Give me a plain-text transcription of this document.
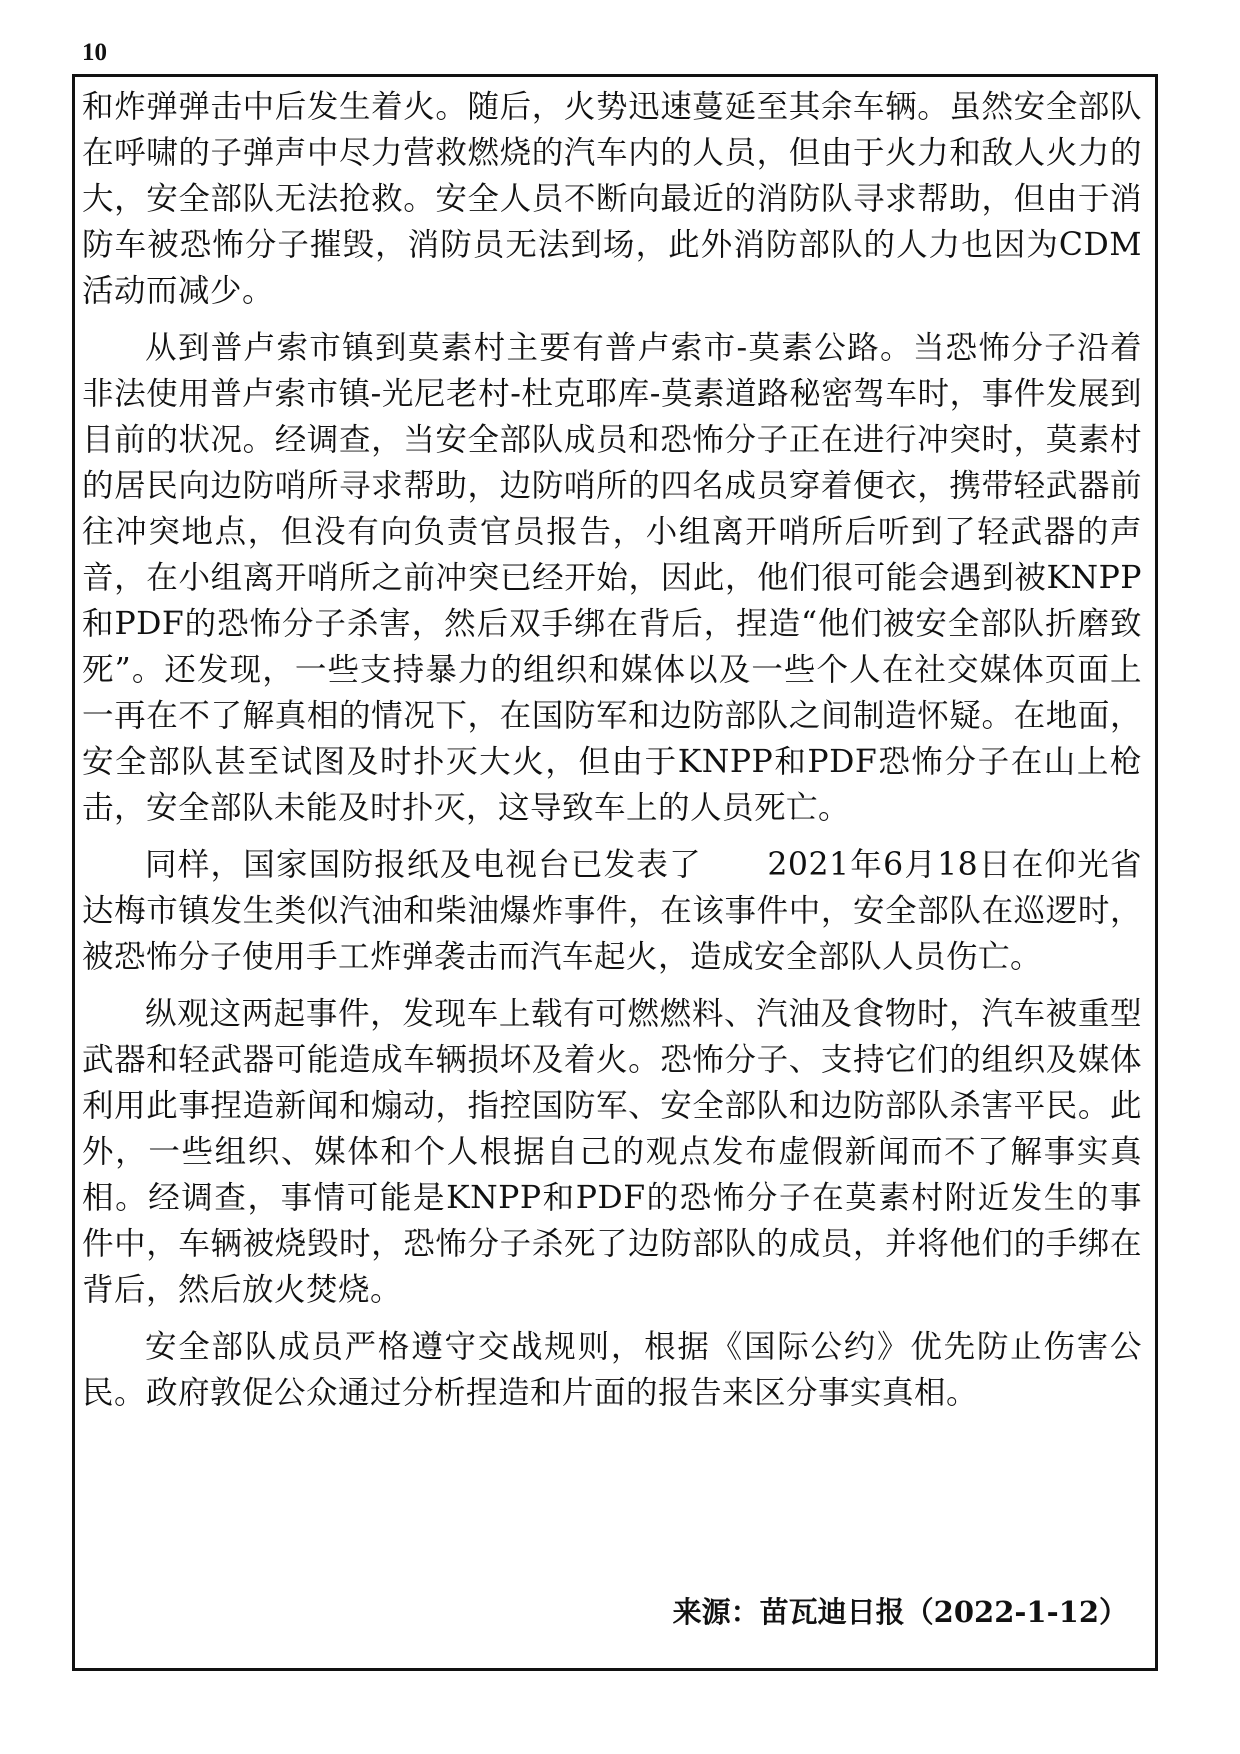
10

和炸弹弹击中后发生着火。随后，火势迅速蔓延至其余车辆。虽然安全部队在呼啸的子弹声中尽力营救燃烧的汽车内的人员，但由于火力和敌人火力的大，安全部队无法抢救。安全人员不断向最近的消防队寻求帮助，但由于消防车被恐怖分子摧毁，消防员无法到场，此外消防部队的人力也因为CDM活动而减少。

从到普卢索市镇到莫素村主要有普卢索市-莫素公路。当恐怖分子沿着非法使用普卢索市镇-光尼老村-杜克耶库-莫素道路秘密驾车时，事件发展到目前的状况。经调查，当安全部队成员和恐怖分子正在进行冲突时，莫素村的居民向边防哨所寻求帮助，边防哨所的四名成员穿着便衣，携带轻武器前往冲突地点，但没有向负责官员报告，小组离开哨所后听到了轻武器的声音，在小组离开哨所之前冲突已经开始，因此，他们很可能会遇到被KNPP和PDF的恐怖分子杀害，然后双手绑在背后，捏造“他们被安全部队折磨致死”。还发现，一些支持暴力的组织和媒体以及一些个人在社交媒体页面上一再在不了解真相的情况下，在国防军和边防部队之间制造怀疑。在地面，安全部队甚至试图及时扑灭大火，但由于KNPP和PDF恐怖分子在山上枪击，安全部队未能及时扑灭，这导致车上的人员死亡。

同样，国家国防报纸及电视台已发表了　　2021年6月18日在仰光省达梅市镇发生类似汽油和柴油爆炸事件，在该事件中，安全部队在巡逻时，被恐怖分子使用手工炸弹袭击而汽车起火，造成安全部队人员伤亡。

纵观这两起事件，发现车上载有可燃燃料、汽油及食物时，汽车被重型武器和轻武器可能造成车辆损坏及着火。恐怖分子、支持它们的组织及媒体利用此事捏造新闻和煽动，指控国防军、安全部队和边防部队杀害平民。此外，一些组织、媒体和个人根据自己的观点发布虚假新闻而不了解事实真相。经调查，事情可能是KNPP和PDF的恐怖分子在莫素村附近发生的事件中，车辆被烧毁时，恐怖分子杀死了边防部队的成员，并将他们的手绑在背后，然后放火焚烧。

安全部队成员严格遵守交战规则，根据《国际公约》优先防止伤害公民。政府敦促公众通过分析捏造和片面的报告来区分事实真相。

来源：苗瓦迪日报（2022-1-12）
